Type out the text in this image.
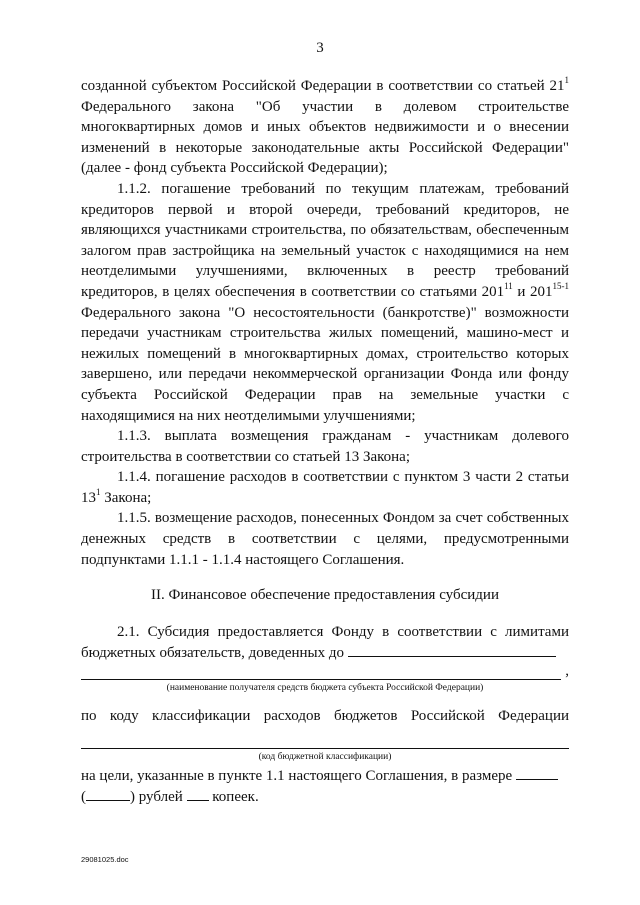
3

созданной субъектом Российской Федерации в соответствии со статьей $21^1$ Федерального закона "Об участии в долевом строительстве многоквартирных домов и иных объектов недвижимости и о внесении изменений в некоторые законодательные акты Российской Федерации" (далее - фонд субъекта Российской Федерации);

1.1.2. погашение требований по текущим платежам, требований кредиторов первой и второй очереди, требований кредиторов, не являющихся участниками строительства, по обязательствам, обеспеченным залогом прав застройщика на земельный участок с находящимися на нем неотделимыми улучшениями, включенных в реестр требований кредиторов, в целях обеспечения в соответствии со статьями $201^{11}$ и 201$^{15-1}$ Федерального закона "О несостоятельности (банкротстве)" возможности передачи участникам строительства жилых помещений, машино-мест и нежилых помещений в многоквартирных домах, строительство которых завершено, или передачи некоммерческой организации Фонда или фонду субъекта Российской Федерации прав на земельные участки с находящимися на них неотделимыми улучшениями;

1.1.3. выплата возмещения гражданам - участникам долевого строительства в соответствии со статьей 13 Закона;

1.1.4. погашение расходов в соответствии с пунктом 3 части 2 статьи $13^1$ Закона;

1.1.5. возмещение расходов, понесенных Фондом за счет собственных денежных средств в соответствии с целями, предусмотренными подпунктами 1.1.1 - 1.1.4 настоящего Соглашения.

II. Финансовое обеспечение предоставления субсидии

2.1. Субсидия предоставляется Фонду в соответствии с лимитами бюджетных обязательств, доведенных до

,

(наименование получателя средств бюджета субъекта Российской Федерации)

по коду классификации расходов бюджетов Российской Федерации

(код бюджетной классификации)

на цели, указанные в пункте 1.1 настоящего Соглашения, в размере
(	) рублей копеек.

29081025.doc
